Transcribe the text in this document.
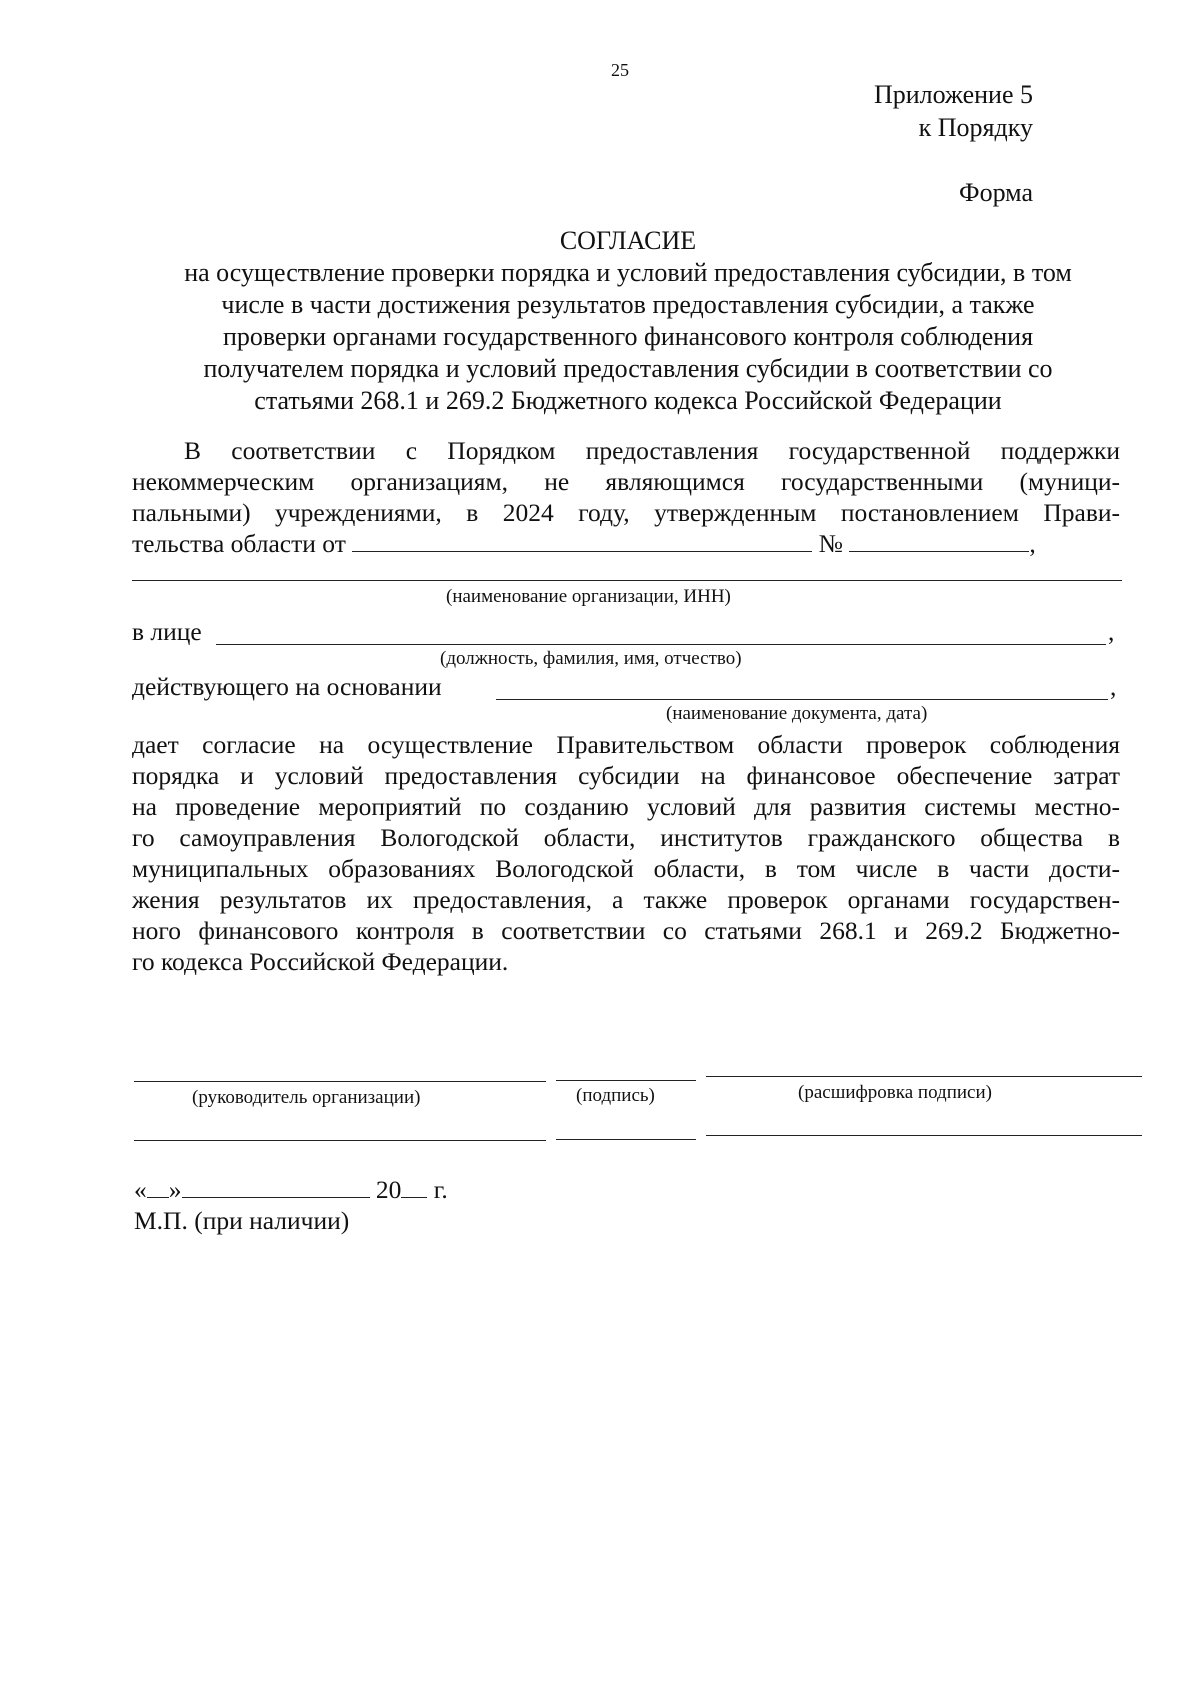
25
Приложение 5
к Порядку
Форма
СОГЛАСИЕ
на осуществление проверки порядка и условий предоставления субсидии, в том
числе в части достижения результатов предоставления субсидии, а также
проверки органами государственного финансового контроля соблюдения
получателем порядка и условий предоставления субсидии в соответствии со
статьями 268.1 и 269.2 Бюджетного кодекса Российской Федерации
В соответствии с Порядком предоставления государственной поддержки
некоммерческим организациям, не являющимся государственными (муници-
пальными) учреждениями, в 2024 году, утвержденным постановлением Прави-
тельства области от	№	,
(наименование организации, ИНН)
в лице	,
(должность, фамилия, имя, отчество)
действующего на основании	,
(наименование документа, дата)
дает согласие на осуществление Правительством области проверок соблюдения
порядка и условий предоставления субсидии на финансовое обеспечение затрат
на проведение мероприятий по созданию условий для развития системы местно-
го самоуправления Вологодской области, институтов гражданского общества в
муниципальных образованиях Вологодской области, в том числе в части дости-
жения результатов их предоставления, а также проверок органами государствен-
ного финансового контроля в соответствии со статьями 268.1 и 269.2 Бюджетно-
го кодекса Российской Федерации.
(руководитель организации)	(подпись)	(расшифровка подписи)
« »	20 г.
М.П. (при наличии)
